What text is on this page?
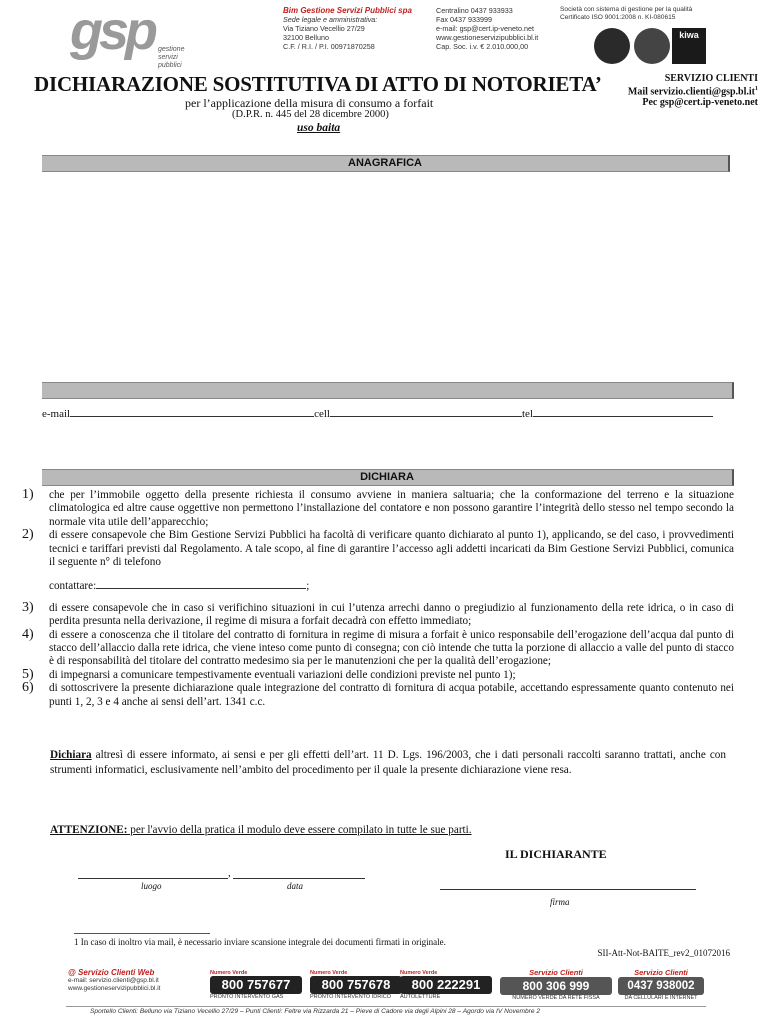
gsp gestione
servizi
pubblici
Bim Gestione Servizi Pubblici spa
Sede legale e amministrativa:
Via Tiziano Vecellio 27/29
32100 Belluno
C.F. / R.I. / P.I. 00971870258
Centralino 0437 933933
Fax 0437 933999
e-mail: gsp@cert.ip-veneto.net
www.gestioneservizipubblici.bl.it
Cap. Soc. i.v. € 2.010.000,00
Società con sistema di gestione per la qualità
Certificato ISO 9001:2008 n. KI-080615
kiwa
DICHIARAZIONE SOSTITUTIVA DI ATTO DI NOTORIETA’
per l’applicazione della misura di consumo a forfait
(D.P.R. n. 445 del 28 dicembre 2000)
uso baita
SERVIZIO CLIENTI
Mail $servizio.clienti@gsp.bl.it^1$
Pec gsp@cert.ip-veneto.net
ANAGRAFICA
e-mail	cell	tel
DICHIARA
1) che per l’immobile oggetto della presente richiesta il consumo avviene in maniera saltuaria; che la conformazione del terreno e la situazione climatologica ed altre cause oggettive non permettono l’installazione del contatore e non possono garantire l’integrità dello stesso nel tempo secondo la normale vita utile dell’apparecchio;
2) di essere consapevole che Bim Gestione Servizi Pubblici ha facoltà di verificare quanto dichiarato al punto 1), applicando, se del caso, i provvedimenti tecnici e tariffari previsti dal Regolamento. A tale scopo, al fine di garantire l’accesso agli addetti incaricati da Bim Gestione Servizi Pubblici, comunica il seguente n° di telefono
contattare:	;
3) di essere consapevole che in caso si verifichino situazioni in cui l’utenza arrechi danno o pregiudizio al funzionamento della rete idrica, o in caso di perdita presunta nella derivazione, il regime di misura a forfait decadrà con effetto immediato;
4) di essere a conoscenza che il titolare del contratto di fornitura in regime di misura a forfait è unico responsabile dell’erogazione dell’acqua dal punto di stacco dell’allaccio dalla rete idrica, che viene inteso come punto di consegna; con ciò intende che tutta la porzione di allaccio a valle del punto di stacco è di responsabilità del titolare del contratto medesimo sia per le manutenzioni che per la qualità dell’erogazione;
5) di impegnarsi a comunicare tempestivamente eventuali variazioni delle condizioni previste nel punto 1);
6) di sottoscrivere la presente dichiarazione quale integrazione del contratto di fornitura di acqua potabile, accettando espressamente quanto contenuto nei punti 1, 2, 3 e 4 anche ai sensi dell’art. 1341 c.c.
Dichiara altresì di essere informato, ai sensi e per gli effetti dell’art. 11 D. Lgs. 196/2003, che i dati personali raccolti saranno trattati, anche con strumenti informatici, esclusivamente nell’ambito del procedimento per il quale la presente dichiarazione viene resa.
ATTENZIONE: per l'avvio della pratica il modulo deve essere compilato in tutte le sue parti.
IL DICHIARANTE
,
luogo	data
firma
1 In caso di inoltro via mail, è necessario inviare scansione integrale dei documenti firmati in originale.
SII-Att-Not-BAITE_rev2_01072016
@ Servizio Clienti Web
e-mail: servizio.clienti@gsp.bl.it
www.gestioneservizipubblici.bl.it
Numero Verde
800 757677
PRONTO INTERVENTO GAS
Numero Verde
800 757678
PRONTO INTERVENTO IDRICO
Numero Verde
800 222291
AUTOLETTURE
Servizio Clienti
800 306 999
NUMERO VERDE DA RETE FISSA
Servizio Clienti
0437 938002
DA CELLULARI E INTERNET
Sportello Clienti: Belluno via Tiziano Vecellio 27/29 – Punti Clienti: Feltre via Rizzarda 21 – Pieve di Cadore via degli Alpini 28 – Agordo via IV Novembre 2
